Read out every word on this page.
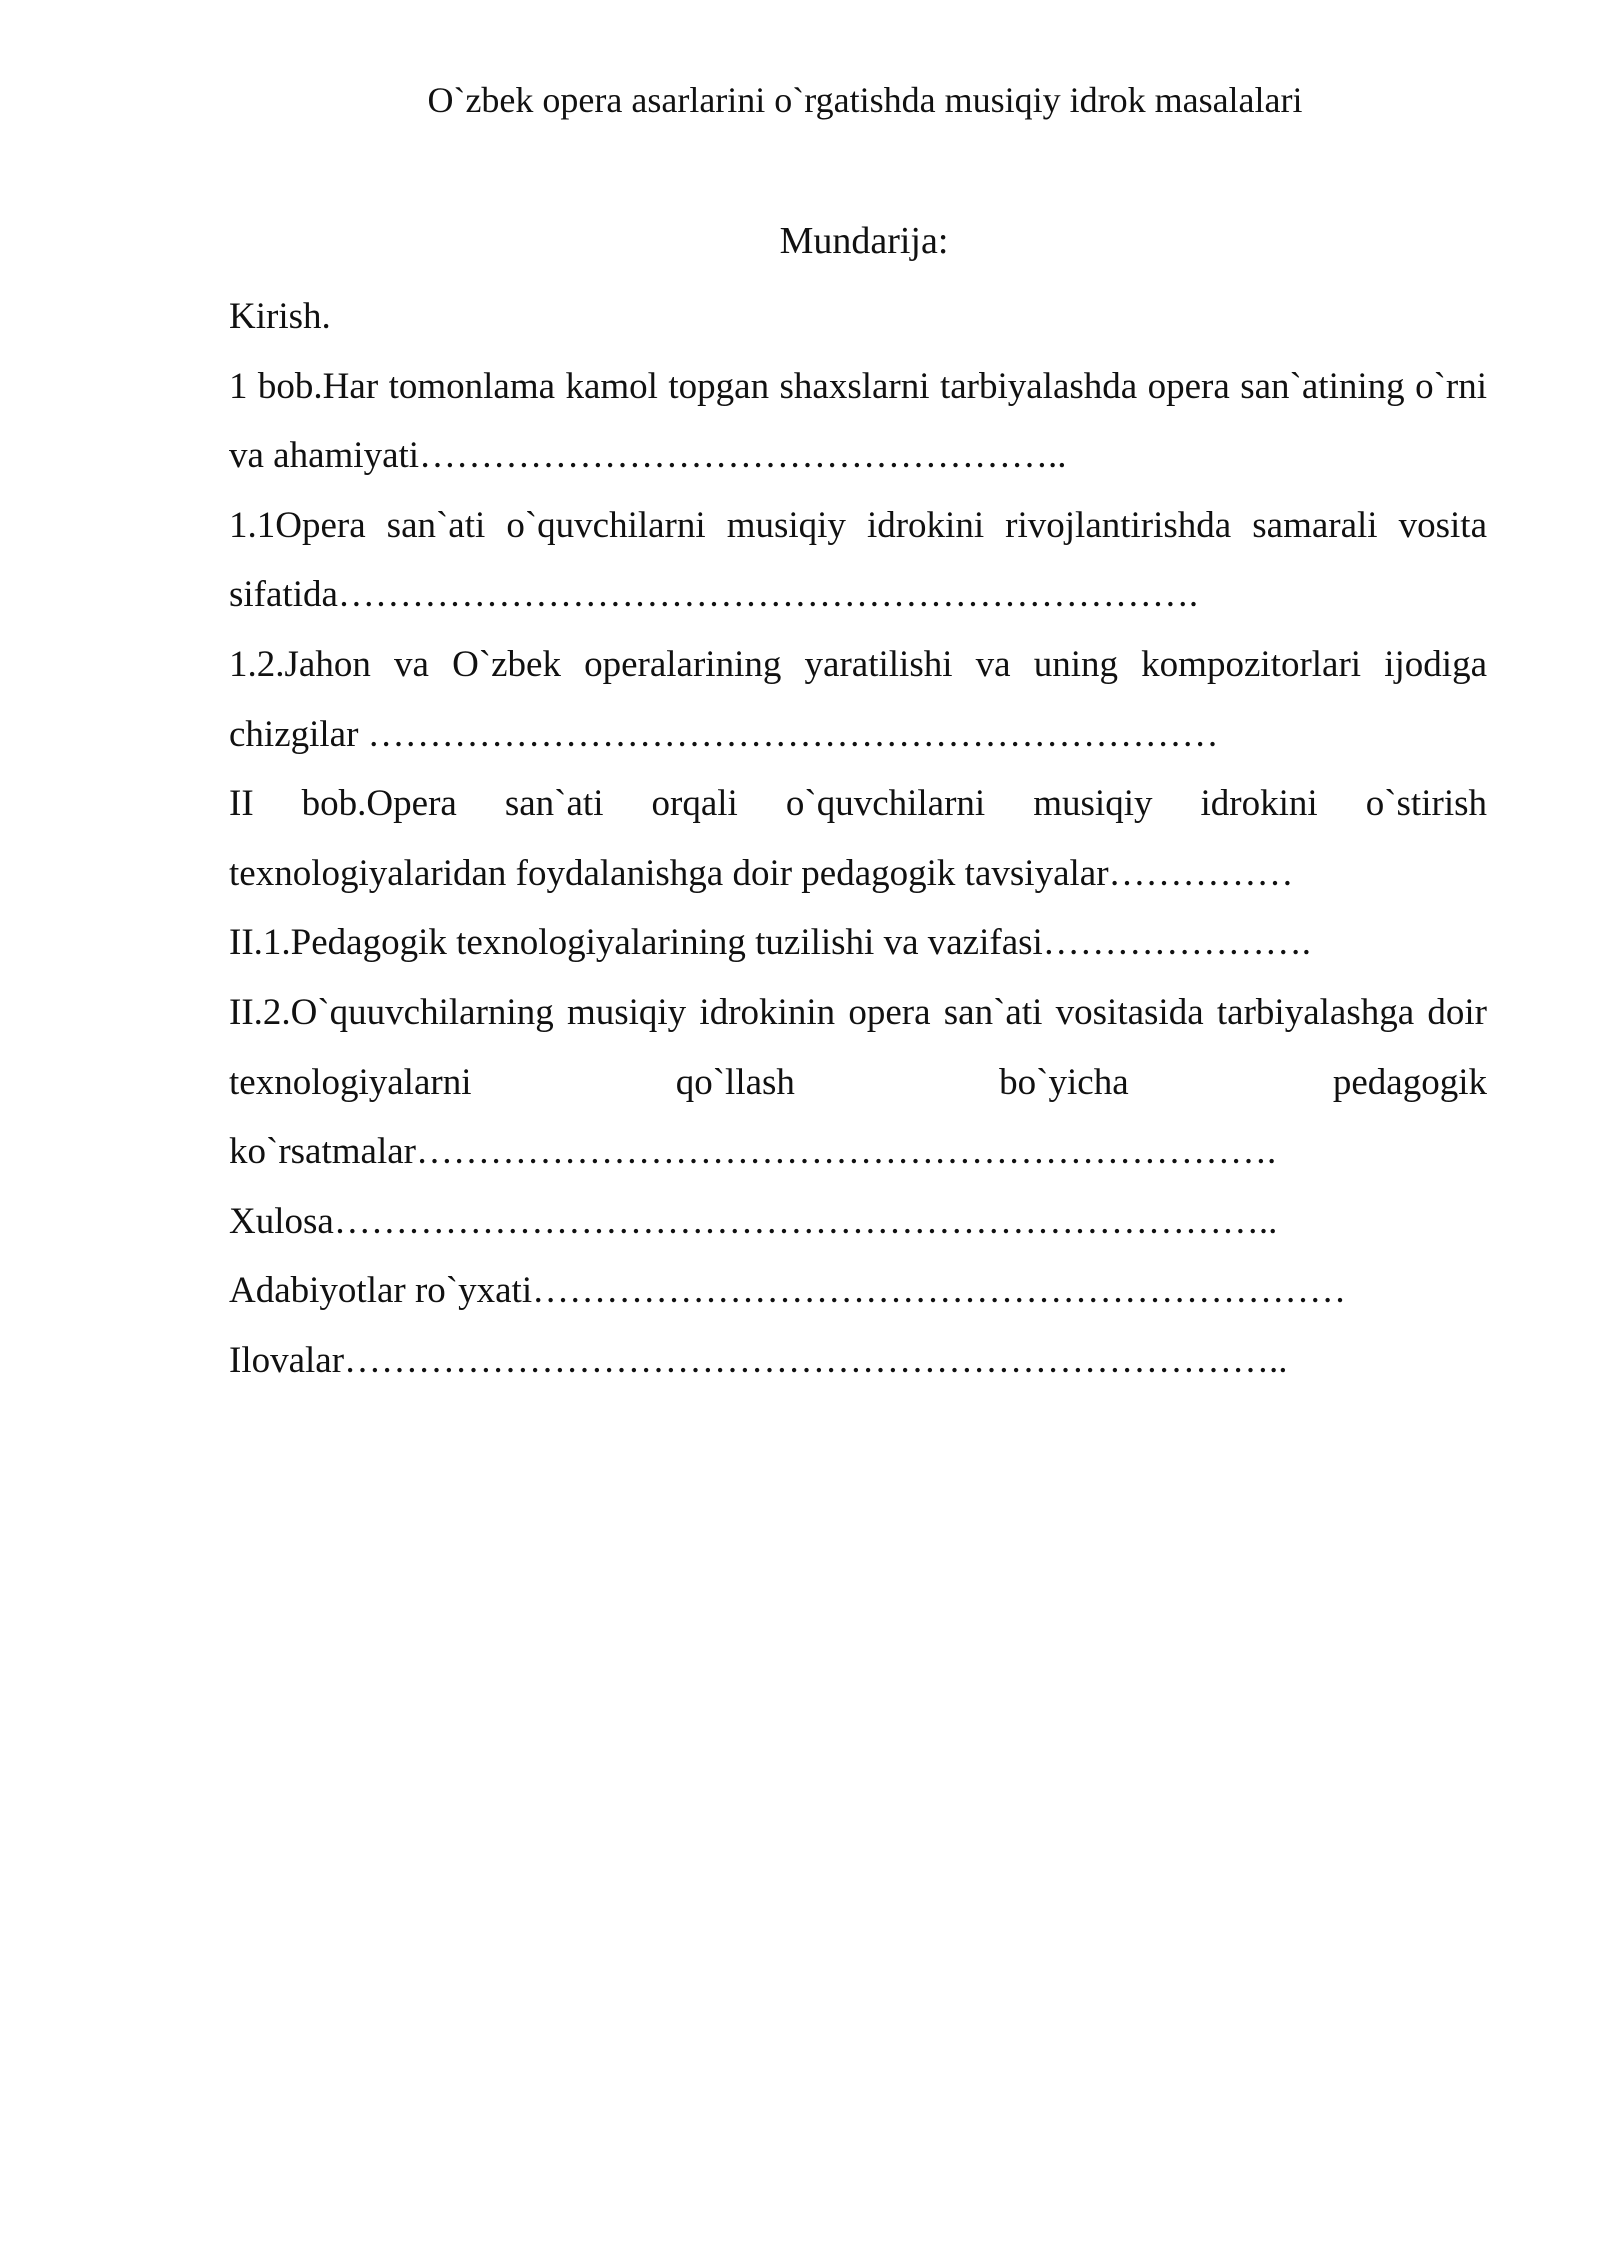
O`zbek opera asarlarini o`rgatishda musiqiy idrok masalalari
Mundarija:
Kirish.
1 bob.Har tomonlama kamol topgan shaxslarni tarbiyalashda opera san`atining o`rni va ahamiyati……………………………………………..
1.1Opera san`ati o`quvchilarni musiqiy idrokini rivojlantirishda samarali vosita sifatida…………………………………………………………….
1.2.Jahon va O`zbek operalarining yaratilishi va uning kompozitorlari ijodiga chizgilar ……………………………………………………………
II bob.Opera san`ati orqali o`quvchilarni musiqiy idrokini o`stirish texnologiyalaridan foydalanishga doir pedagogik tavsiyalar……………
II.1.Pedagogik texnologiyalarining tuzilishi va vazifasi………………….
II.2.O`quuvchilarning musiqiy idrokinin opera san`ati vositasida tarbiyalashga doir texnologiyalarni qo`llash bo`yicha pedagogik ko`rsatmalar…………………………………………………………….
Xulosa…………………………………………………………………..
Adabiyotlar ro`yxati…………………………………………………………
Ilovalar…………………………………………………………………..
